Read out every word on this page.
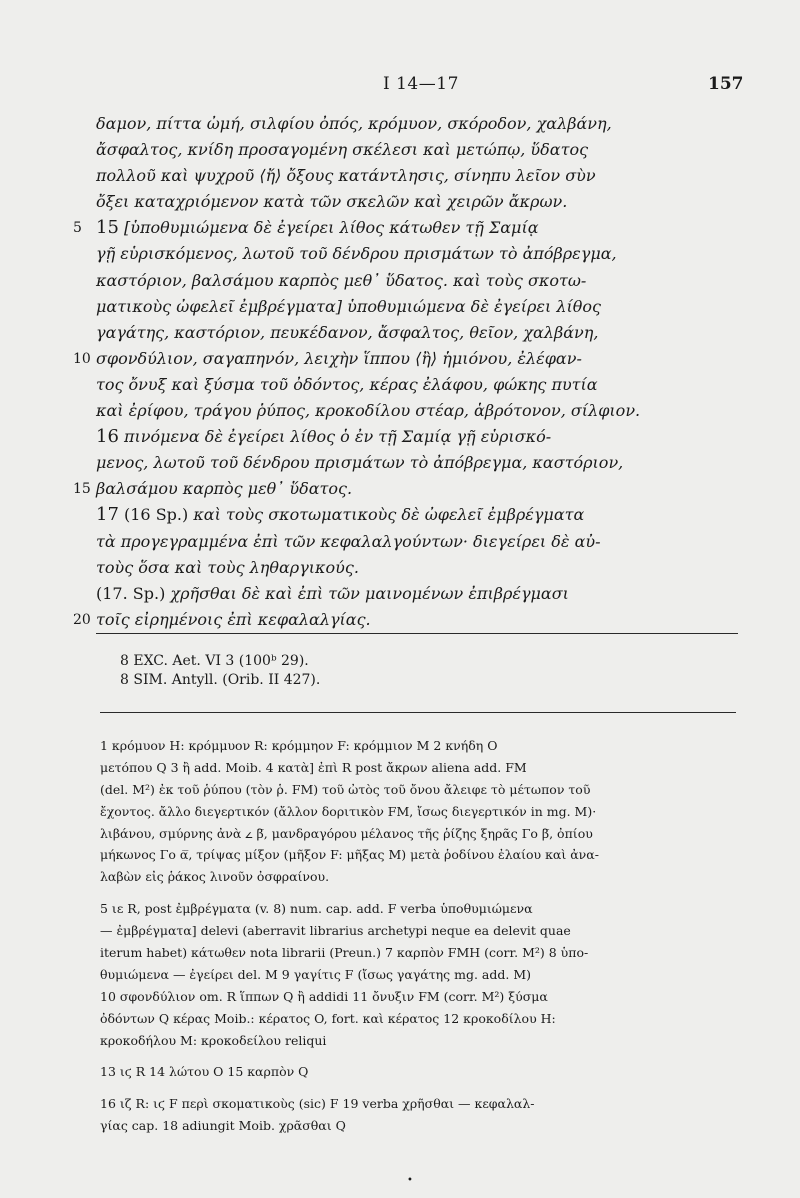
I 14—17	157
δαμον, πίττα ὠμή, σιλφίου ὀπός, κρόμυον, σκόροδον, χαλβάνη,
ἄσφαλτος, κνίδη προσαγομένη σκέλεσι καὶ μετώπῳ, ὕδατος
πολλοῦ καὶ ψυχροῦ ⟨ἤ⟩ ὄξους κατάντλησις, σίνηπυ λεῖον σὺν
ὄξει καταχριόμενον κατὰ τῶν σκελῶν καὶ χειρῶν ἄκρων.
5 15 [ὑποθυμιώμενα δὲ ἐγείρει λίθος κάτωθεν τῇ Σαμίᾳ
γῇ εὑρισκόμενος, λωτοῦ τοῦ δένδρου πρισμάτων τὸ ἀπόβρεγμα,
καστόριον, βαλσάμου καρπὸς μεθ᾽ ὕδατος. καὶ τοὺς σκοτω-
ματικοὺς ὠφελεῖ ἐμβρέγματα] ὑποθυμιώμενα δὲ ἐγείρει λίθος
γαγάτης, καστόριον, πευκέδανον, ἄσφαλτος, θεῖον, χαλβάνη,
10 σφονδύλιον, σαγαπηνόν, λειχὴν ἵππου ⟨ἢ⟩ ἡμιόνου, ἐλέφαν-
τος ὄνυξ καὶ ξύσμα τοῦ ὀδόντος, κέρας ἐλάφου, φώκης πυτία
καὶ ἐρίφου, τράγου ῥύπος, κροκοδίλου στέαρ, ἁβρότονον, σίλφιον.
16 πινόμενα δὲ ἐγείρει λίθος ὁ ἐν τῇ Σαμίᾳ γῇ εὑρισκό-
μενος, λωτοῦ τοῦ δένδρου πρισμάτων τὸ ἀπόβρεγμα, καστόριον,
15 βαλσάμου καρπὸς μεθ᾽ ὕδατος.
17 (16 Sp.) καὶ τοὺς σκοτωματικοὺς δὲ ὠφελεῖ ἐμβρέγματα
τὰ προγεγραμμένα ἐπὶ τῶν κεφαλαλγούντων· διεγείρει δὲ αὐ-
τοὺς ὅσα καὶ τοὺς ληθαργικούς.
(17. Sp.) χρῆσθαι δὲ καὶ ἐπὶ τῶν μαινομένων ἐπιβρέγμασι
20 τοῖς εἰρημένοις ἐπὶ κεφαλαλγίας.
8 EXC. Aet. VI 3 (100ᵇ 29).
8 SIM. Antyll. (Orib. II 427).
1 κρόμυον H: κρόμμυον R: κρόμμηον F: κρόμμιον M 2 κνήδη O
μετόπου Q 3 ἢ add. Moib. 4 κατὰ] ἐπὶ R post ἄκρων aliena add. FM
(del. M²) ἐκ τοῦ ῥύπου (τὸν ῥ. FM) τοῦ ὠτὸς τοῦ ὄνου ἄλειφε τὸ μέτωπον τοῦ
ἔχοντος. ἄλλο διεγερτικόν (ἄλλον δοριτικὸν FM, ἴσως διεγερτικόν in mg. M)·
λιβάνου, σμύρνης ἀνὰ 𐅵 β̅, μανδραγόρου μέλανος τῆς ῥίζης ξηρᾶς Γο β̅, ὀπίου
μήκωνος Γο α̅, τρίψας μίξον (μῆξον F: μῆξας M) μετὰ ῥοδίνου ἐλαίου καὶ ἀνα-
λαβὼν εἰς ῥάκος λινοῦν ὀσφραίνου.
5 ιε R, post ἐμβρέγματα (v. 8) num. cap. add. F verba ὑποθυμιώμενα
— ἐμβρέγματα] delevi (aberravit librarius archetypi neque ea delevit quae
iterum habet) κάτωθεν nota librarii (Preun.) 7 καρπὸν FMH (corr. M²) 8 ὑπο-
θυμιώμενα — ἐγείρει del. M 9 γαγίτις F (ἴσως γαγάτης mg. add. M)
10 σφονδύλιον om. R ἵππων Q ἢ addidi 11 ὄνυξιν FM (corr. M²) ξύσμα
ὀδόντων Q κέρας Moib.: κέρατος O, fort. καὶ κέρατος 12 κροκοδίλου H:
κροκοδήλου M: κροκοδείλου reliqui
13 ιϛ R 14 λώτου O 15 καρπὸν Q
16 ιζ R: ιϛ F περὶ σκοματικοὺς (sic) F 19 verba χρῆσθαι — κεφαλαλ-
γίας cap. 18 adiungit Moib. χρᾶσθαι Q
•
